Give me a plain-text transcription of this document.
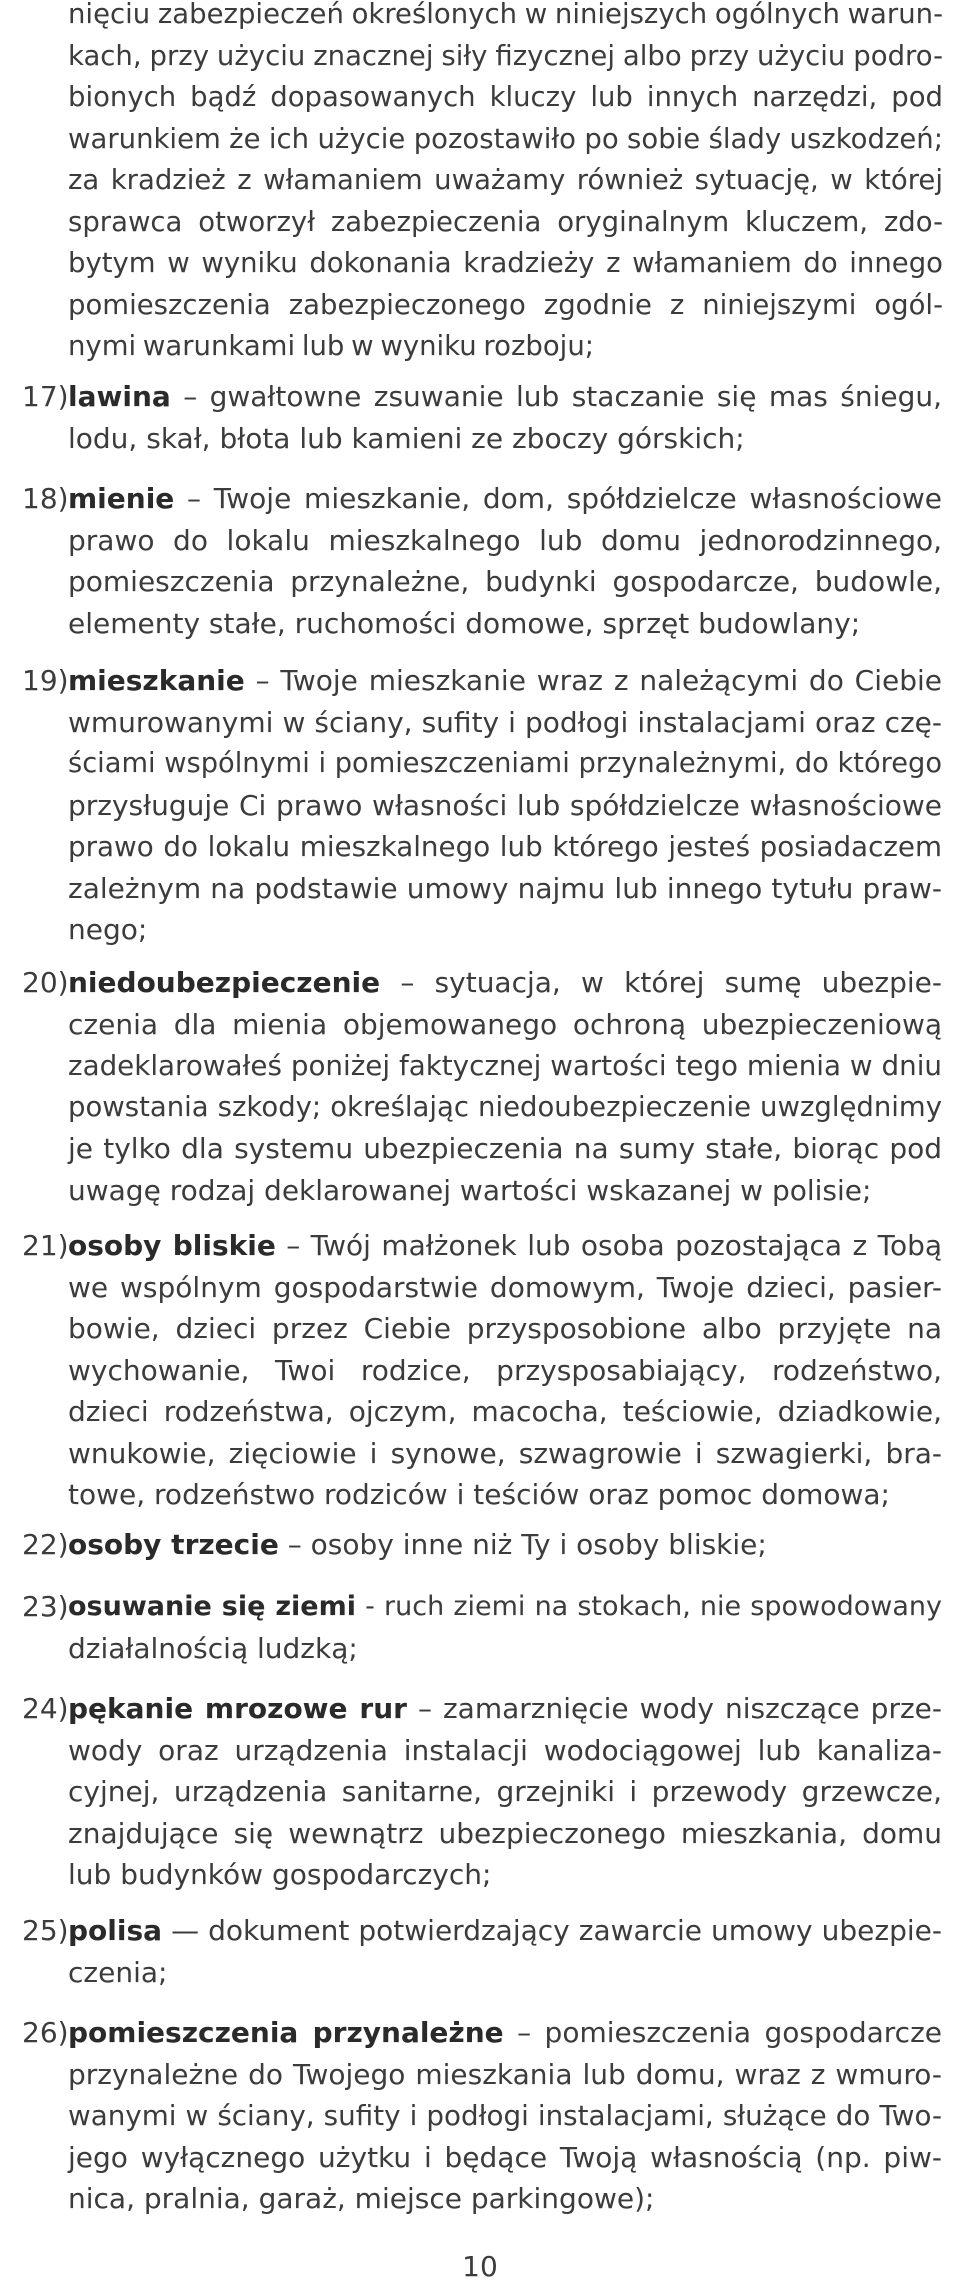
nięciu zabezpieczeń określonych w niniejszych ogólnych warun-
kach, przy użyciu znacznej siły fizycznej albo przy użyciu podro-
bionych bądź dopasowanych kluczy lub innych narzędzi, pod
warunkiem że ich użycie pozostawiło po sobie ślady uszkodzeń;
za kradzież z włamaniem uważamy również sytuację, w której
sprawca otworzył zabezpieczenia oryginalnym kluczem, zdo-
bytym w wyniku dokonania kradzieży z włamaniem do innego
pomieszczenia zabezpieczonego zgodnie z niniejszymi ogól-
nymi warunkami lub w wyniku rozboju;
17) lawina – gwałtowne zsuwanie lub staczanie się mas śniegu,
lodu, skał, błota lub kamieni ze zboczy górskich;
18) mienie – Twoje mieszkanie, dom, spółdzielcze własnościowe
prawo do lokalu mieszkalnego lub domu jednorodzinnego,
pomieszczenia przynależne, budynki gospodarcze, budowle,
elementy stałe, ruchomości domowe, sprzęt budowlany;
19) mieszkanie – Twoje mieszkanie wraz z należącymi do Ciebie
wmurowanymi w ściany, sufity i podłogi instalacjami oraz czę-
ściami wspólnymi i pomieszczeniami przynależnymi, do którego
przysługuje Ci prawo własności lub spółdzielcze własnościowe
prawo do lokalu mieszkalnego lub którego jesteś posiadaczem
zależnym na podstawie umowy najmu lub innego tytułu praw-
nego;
20) niedoubezpieczenie – sytuacja, w której sumę ubezpie-
czenia dla mienia objemowanego ochroną ubezpieczeniową
zadeklarowałeś poniżej faktycznej wartości tego mienia w dniu
powstania szkody; określając niedoubezpieczenie uwzględnimy
je tylko dla systemu ubezpieczenia na sumy stałe, biorąc pod
uwagę rodzaj deklarowanej wartości wskazanej w polisie;
21) osoby bliskie – Twój małżonek lub osoba pozostająca z Tobą
we wspólnym gospodarstwie domowym, Twoje dzieci, pasier-
bowie, dzieci przez Ciebie przysposobione albo przyjęte na
wychowanie, Twoi rodzice, przysposabiający, rodzeństwo,
dzieci rodzeństwa, ojczym, macocha, teściowie, dziadkowie,
wnukowie, zięciowie i synowe, szwagrowie i szwagierki, bra-
towe, rodzeństwo rodziców i teściów oraz pomoc domowa;
22) osoby trzecie – osoby inne niż Ty i osoby bliskie;
23) osuwanie się ziemi - ruch ziemi na stokach, nie spowodowany
działalnością ludzką;
24) pękanie mrozowe rur – zamarznięcie wody niszczące prze-
wody oraz urządzenia instalacji wodociągowej lub kanaliza-
cyjnej, urządzenia sanitarne, grzejniki i przewody grzewcze,
znajdujące się wewnątrz ubezpieczonego mieszkania, domu
lub budynków gospodarczych;
25) polisa — dokument potwierdzający zawarcie umowy ubezpie-
czenia;
26) pomieszczenia przynależne – pomieszczenia gospodarcze
przynależne do Twojego mieszkania lub domu, wraz z wmuro-
wanymi w ściany, sufity i podłogi instalacjami, służące do Two-
jego wyłącznego użytku i będące Twoją własnością (np. piw-
nica, pralnia, garaż, miejsce parkingowe);
10
